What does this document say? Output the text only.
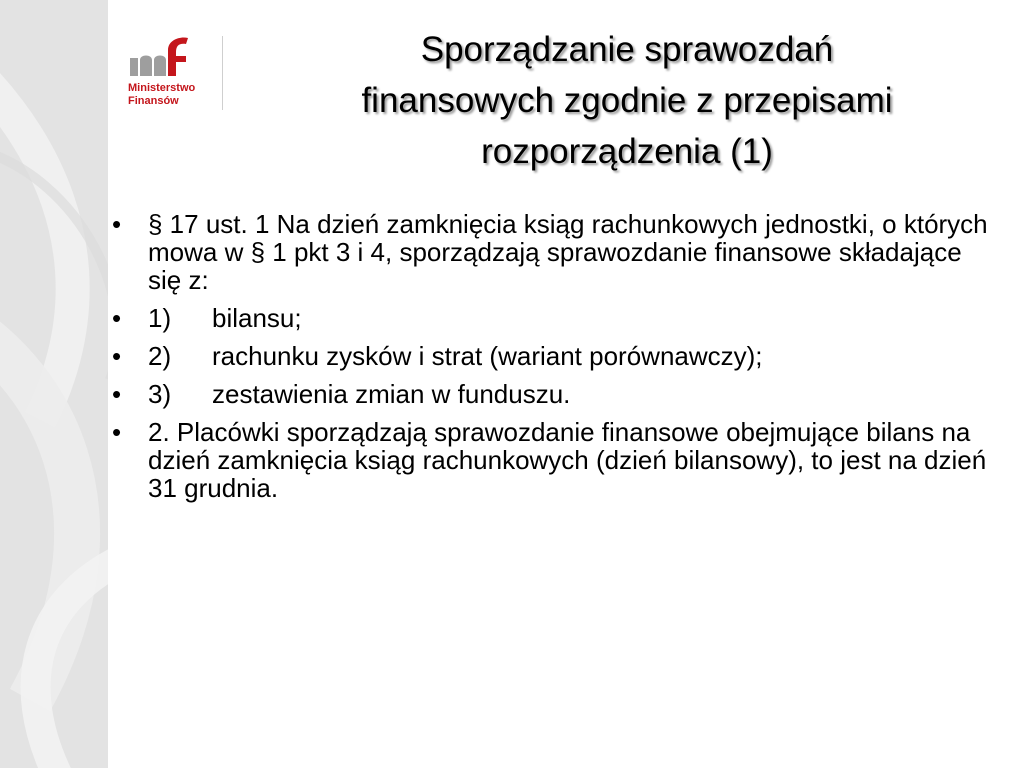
Ministerstwo
Finansów
Sporządzanie sprawozdań
finansowych zgodnie z przepisami
rozporządzenia (1)
• § 17 ust. 1 Na dzień zamknięcia ksiąg rachunkowych jednostki, o których mowa w § 1 pkt 3 i 4, sporządzają sprawozdanie finansowe składające się z:
• 1) bilansu;
• 2) rachunku zysków i strat (wariant porównawczy);
• 3) zestawienia zmian w funduszu.
• 2. Placówki sporządzają sprawozdanie finansowe obejmujące bilans na dzień zamknięcia ksiąg rachunkowych (dzień bilansowy), to jest na dzień 31 grudnia.
